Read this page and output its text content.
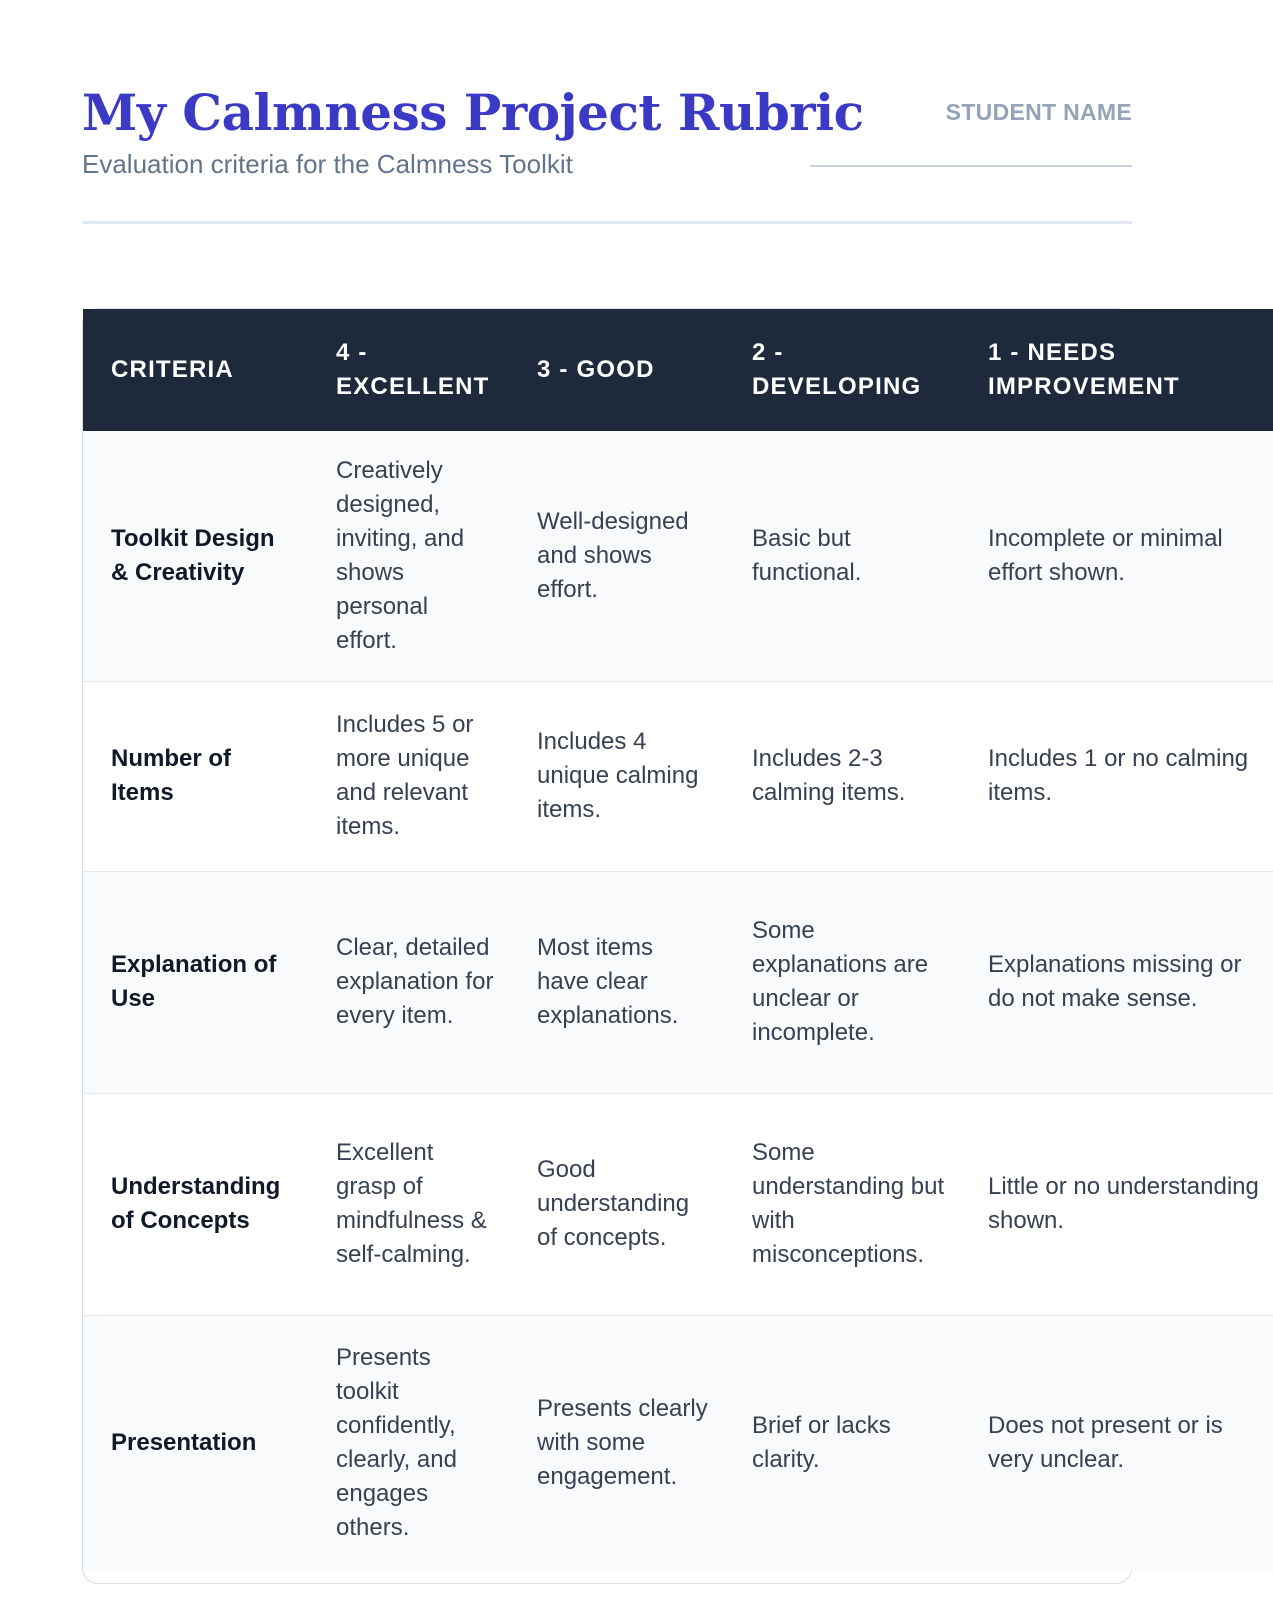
My Calmness Project Rubric
Evaluation criteria for the Calmness Toolkit
STUDENT NAME
CRITERIA	4 - EXCELLENT	3 - GOOD	2 - DEVELOPING	1 - NEEDS IMPROVEMENT
Toolkit Design & Creativity	Creatively designed, inviting, and shows personal effort.	Well-designed and shows effort.	Basic but functional.	Incomplete or minimal effort shown.
Number of Items	Includes 5 or more unique and relevant items.	Includes 4 unique calming items.	Includes 2-3 calming items.	Includes 1 or no calming items.
Explanation of Use	Clear, detailed explanation for every item.	Most items have clear explanations.	Some explanations are unclear or incomplete.	Explanations missing or do not make sense.
Understanding of Concepts	Excellent grasp of mindfulness & self-calming.	Good understanding of concepts.	Some understanding but with misconceptions.	Little or no understanding shown.
Presentation	Presents toolkit confidently, clearly, and engages others.	Presents clearly with some engagement.	Brief or lacks clarity.	Does not present or is very unclear.
